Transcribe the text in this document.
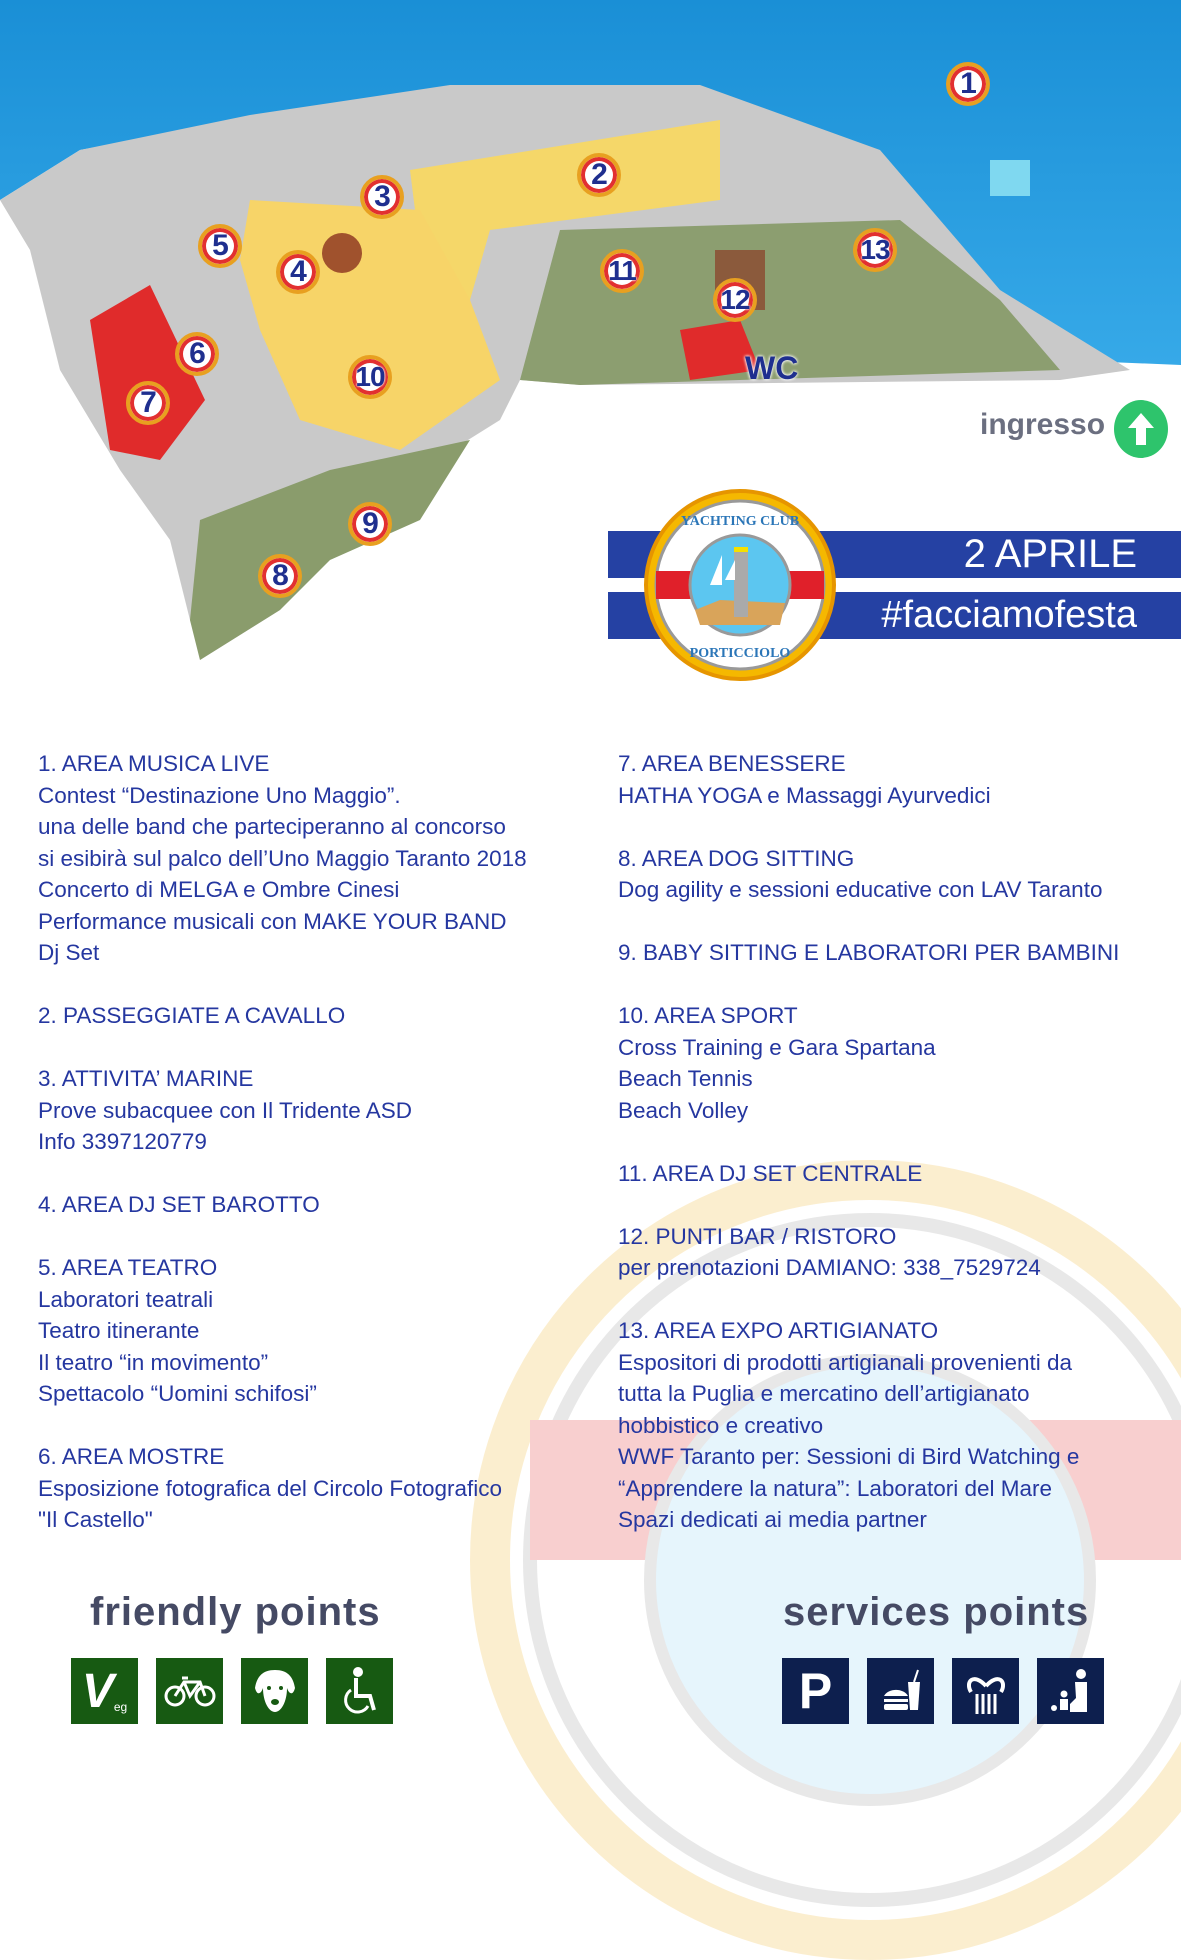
1
2
3
4
5
6
7
8
9
10
11
12
13
WC
ingresso
2 APRILE
#facciamofesta
YACHTING CLUB
PORTICCIOLO
1. AREA MUSICA LIVE
Contest “Destinazione Uno Maggio”.
una delle band che parteciperanno al concorso
si esibirà sul palco dell’Uno Maggio Taranto 2018
Concerto di MELGA e Ombre Cinesi
Performance musicali con MAKE YOUR BAND
Dj Set
2. PASSEGGIATE A CAVALLO
3. ATTIVITA’ MARINE
Prove subacquee con Il Tridente ASD
Info 3397120779
4. AREA DJ SET BAROTTO
5. AREA TEATRO
Laboratori teatrali
Teatro itinerante
Il teatro “in movimento”
Spettacolo “Uomini schifosi”
6. AREA MOSTRE
Esposizione fotografica del Circolo Fotografico
"Il Castello"
7. AREA BENESSERE
HATHA YOGA e Massaggi Ayurvedici
8. AREA DOG SITTING
Dog agility e sessioni educative con LAV Taranto
9. BABY SITTING E LABORATORI PER BAMBINI
10. AREA SPORT
Cross Training e Gara Spartana
Beach Tennis
Beach Volley
11. AREA DJ SET CENTRALE
12. PUNTI BAR / RISTORO
per prenotazioni DAMIANO: 338_7529724
13. AREA EXPO ARTIGIANATO
Espositori di prodotti artigianali provenienti da
tutta la Puglia e mercatino dell’artigianato
hobbistico e creativo
WWF Taranto per: Sessioni di Bird Watching e
“Apprendere la natura”: Laboratori del Mare
Spazi dedicati ai media partner
friendly points
V eg
services points
P
